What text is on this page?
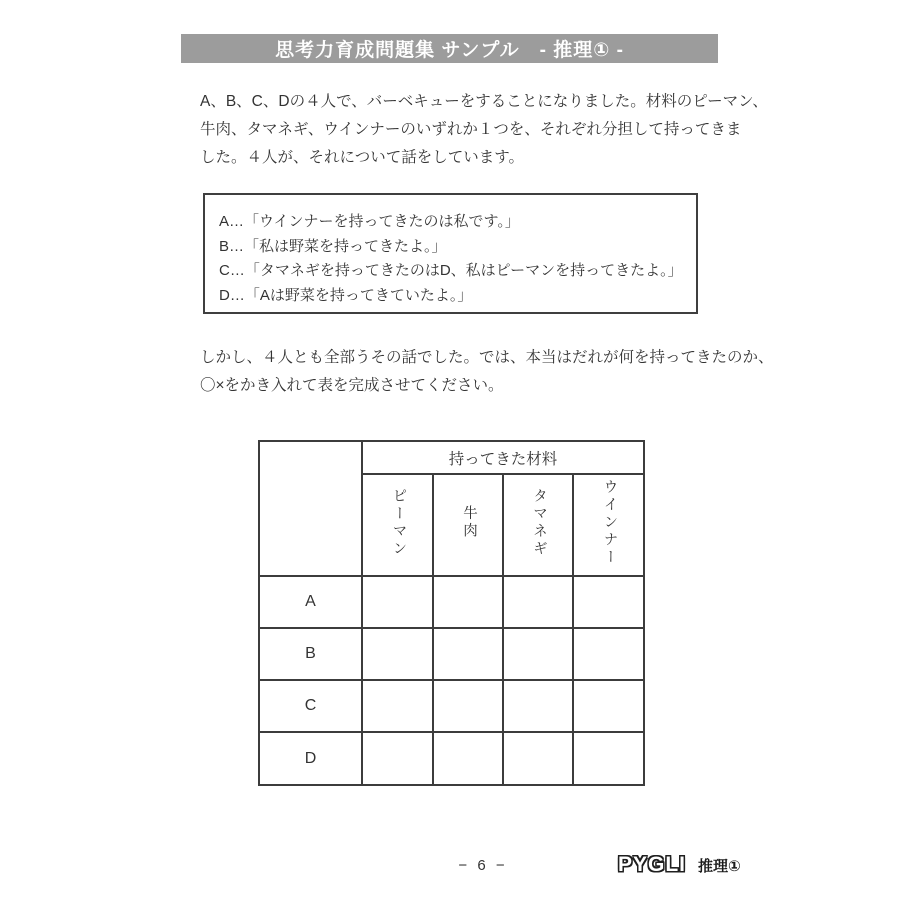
思考力育成問題集 サンプル　- 推理① -
A、B、C、Dの４人で、バーベキューをすることになりました。材料のピーマン、
牛肉、タマネギ、ウインナーのいずれか１つを、それぞれ分担して持ってきま
した。４人が、それについて話をしています。
A…「ウインナーを持ってきたのは私です。」
B…「私は野菜を持ってきたよ。」
C…「タマネギを持ってきたのはD、私はピーマンを持ってきたよ。」
D…「Aは野菜を持ってきていたよ。」
しかし、４人とも全部うその話でした。では、本当はだれが何を持ってきたのか、
〇×をかき入れて表を完成させてください。
	持ってきた材料			
	ピーマン	牛肉	タマネギ	ウインナー
A				
B				
C				
D				
− 6 −	PYGLI 推理①
